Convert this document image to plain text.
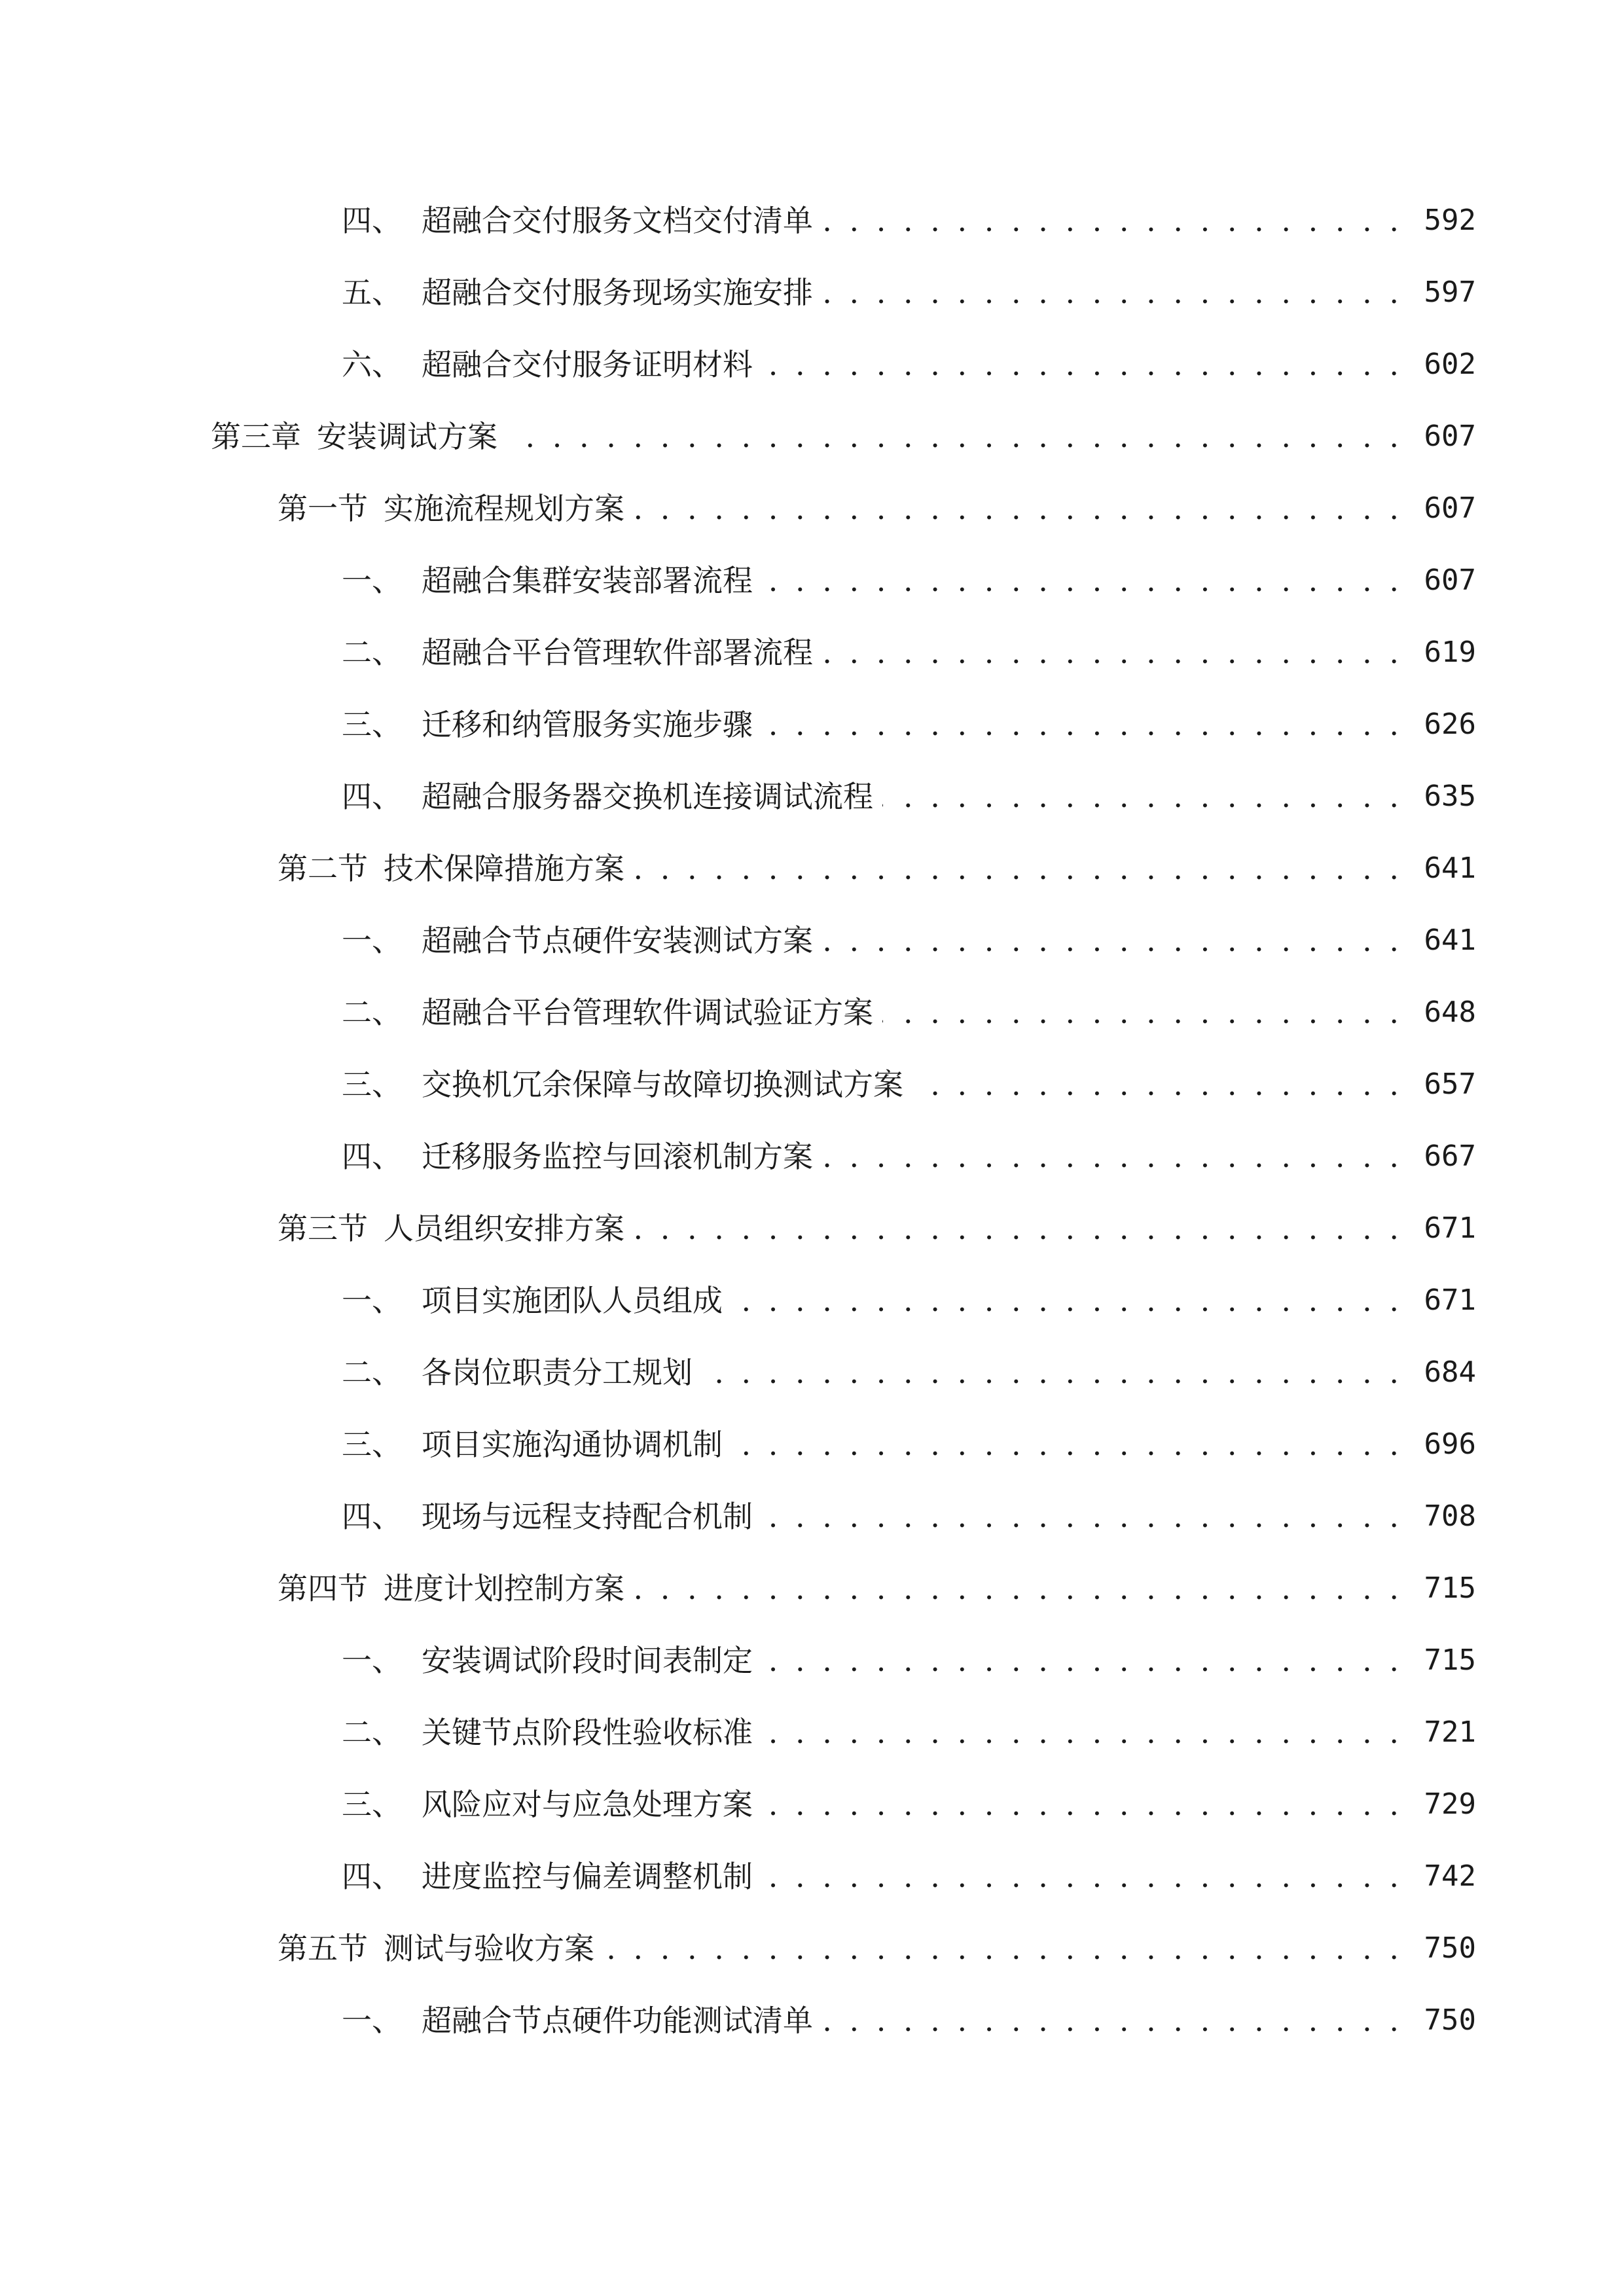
四、 超融合交付服务文档交付清单 . . .	592
五、 超融合交付服务现场实施安排 . . .	597
六、 超融合交付服务证明材料 . . .	602
第三章 安装调试方案 . . .	607
第一节 实施流程规划方案 . . .	607
一、 超融合集群安装部署流程 . . .	607
二、 超融合平台管理软件部署流程 . . .	619
三、 迁移和纳管服务实施步骤 . . .	626
四、 超融合服务器交换机连接调试流程 . . .	635
第二节 技术保障措施方案 . . .	641
一、 超融合节点硬件安装测试方案 . . .	641
二、 超融合平台管理软件调试验证方案 . . .	648
三、 交换机冗余保障与故障切换测试方案 . . .	657
四、 迁移服务监控与回滚机制方案 . . .	667
第三节 人员组织安排方案 . . .	671
一、 项目实施团队人员组成 . . .	671
二、 各岗位职责分工规划 . . .	684
三、 项目实施沟通协调机制 . . .	696
四、 现场与远程支持配合机制 . . .	708
第四节 进度计划控制方案 . . .	715
一、 安装调试阶段时间表制定 . . .	715
二、 关键节点阶段性验收标准 . . .	721
三、 风险应对与应急处理方案 . . .	729
四、 进度监控与偏差调整机制 . . .	742
第五节 测试与验收方案 . . .	750
一、 超融合节点硬件功能测试清单 . . .	750
